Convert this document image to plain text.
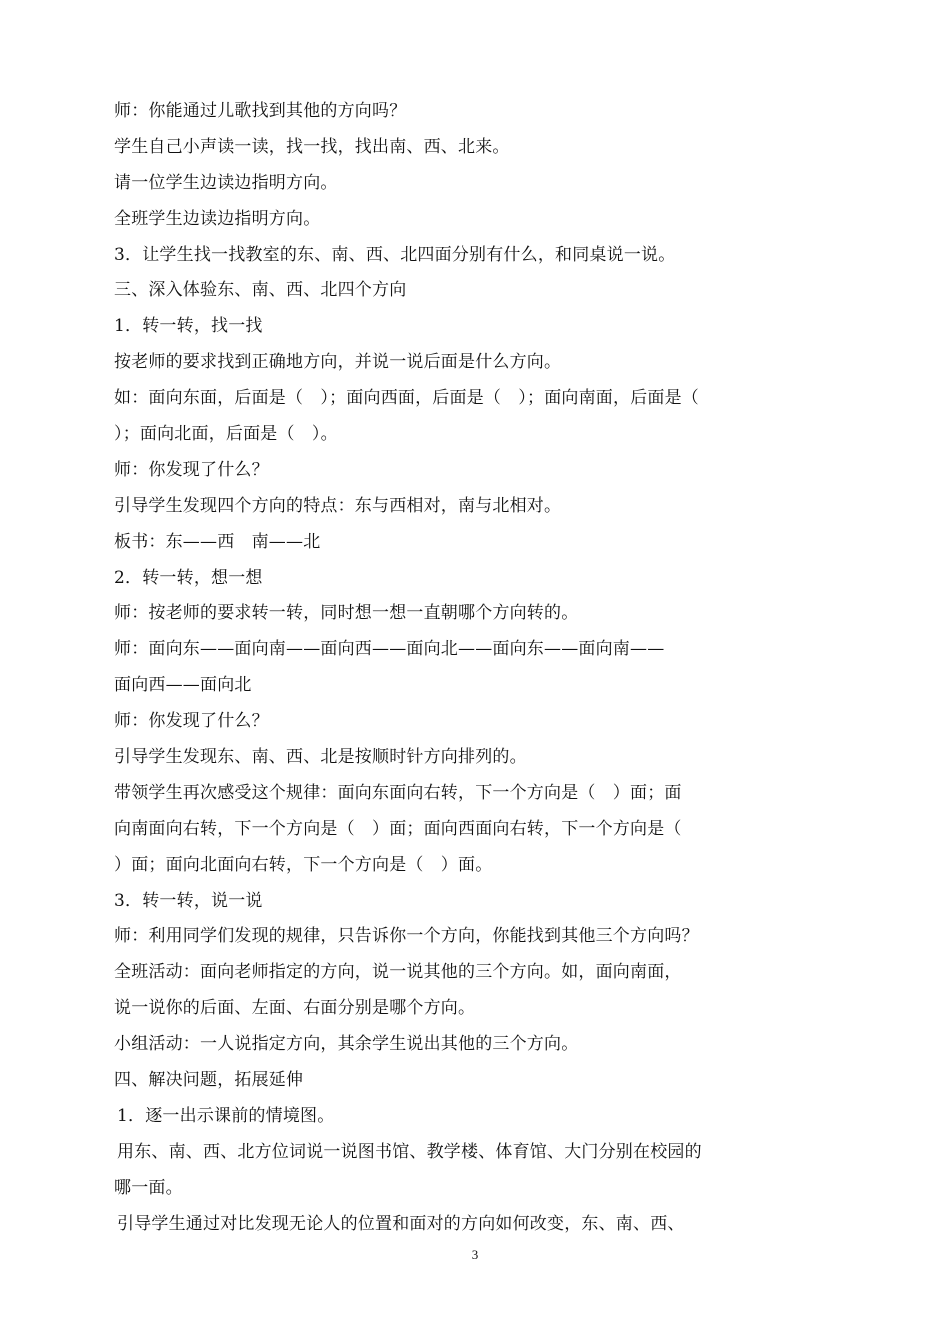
师：你能通过儿歌找到其他的方向吗？
学生自己小声读一读，找一找，找出南、西、北来。
请一位学生边读边指明方向。
全班学生边读边指明方向。
3．让学生找一找教室的东、南、西、北四面分别有什么，和同桌说一说。
三、深入体验东、南、西、北四个方向
1．转一转，找一找
按老师的要求找到正确地方向，并说一说后面是什么方向。
如：面向东面，后面是（　）；面向西面，后面是（　）；面向南面，后面是（
）；面向北面，后面是（　）。
师：你发现了什么？
引导学生发现四个方向的特点：东与西相对，南与北相对。
板书：东——西　南——北
2．转一转，想一想
师：按老师的要求转一转，同时想一想一直朝哪个方向转的。
师：面向东——面向南——面向西——面向北——面向东——面向南——
面向西——面向北
师：你发现了什么？
引导学生发现东、南、西、北是按顺时针方向排列的。
带领学生再次感受这个规律：面向东面向右转，下一个方向是（　）面；面
向南面向右转，下一个方向是（　）面；面向西面向右转，下一个方向是（
）面；面向北面向右转，下一个方向是（　）面。
3．转一转，说一说
师：利用同学们发现的规律，只告诉你一个方向，你能找到其他三个方向吗？
全班活动：面向老师指定的方向，说一说其他的三个方向。如，面向南面，
说一说你的后面、左面、右面分别是哪个方向。
小组活动：一人说指定方向，其余学生说出其他的三个方向。
四、解决问题，拓展延伸
1．逐一出示课前的情境图。
用东、南、西、北方位词说一说图书馆、教学楼、体育馆、大门分别在校园的
哪一面。
引导学生通过对比发现无论人的位置和面对的方向如何改变，东、南、西、
3
